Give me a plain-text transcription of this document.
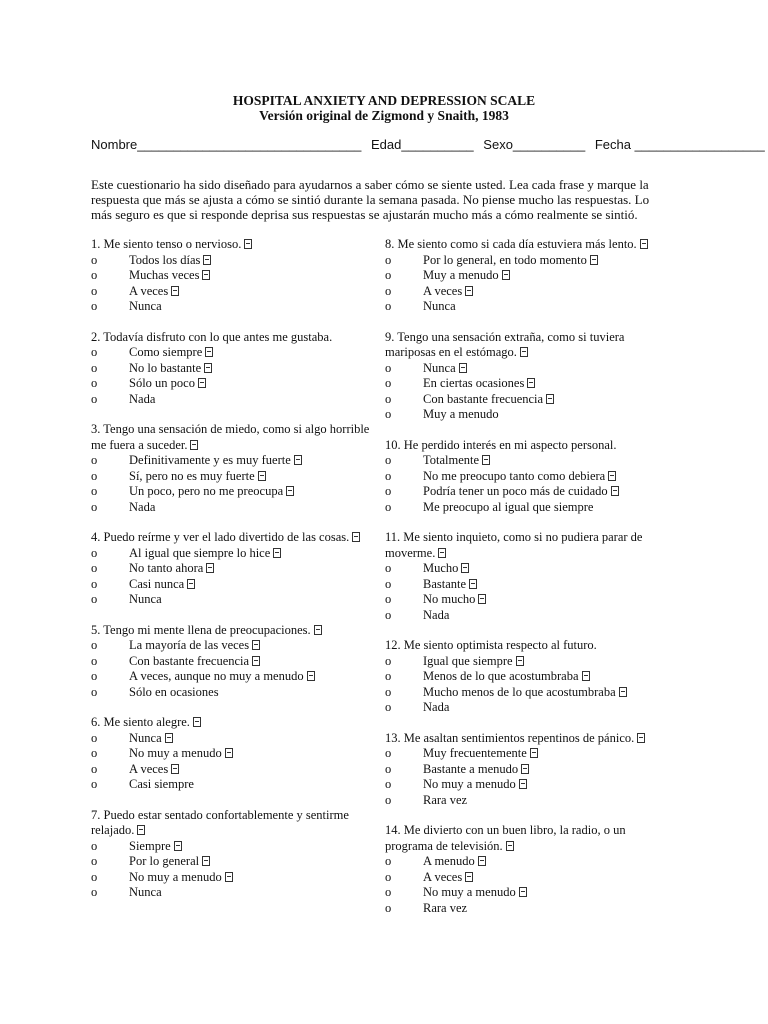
HOSPITAL ANXIETY AND DEPRESSION SCALE
Versión original de Zigmond y Snaith, 1983
Nombre_______________________________ Edad__________ Sexo__________ Fecha __________________
Este cuestionario ha sido diseñado para ayudarnos a saber cómo se siente usted. Lea cada frase y marque la respuesta que más se ajusta a cómo se sintió durante la semana pasada. No piense mucho las respuestas. Lo más seguro es que si responde deprisa sus respuestas se ajustarán mucho más a cómo realmente se sintió.
1. Me siento tenso o nervioso.
o	Todos los días
o	Muchas veces
o	A veces
o	Nunca
2. Todavía disfruto con lo que antes me gustaba.
o	Como siempre
o	No lo bastante
o	Sólo un poco
o	Nada
3. Tengo una sensación de miedo, como si algo horrible me fuera a suceder.
o	Definitivamente y es muy fuerte
o	Sí, pero no es muy fuerte
o	Un poco, pero no me preocupa
o	Nada
4. Puedo reírme y ver el lado divertido de las cosas.
o	Al igual que siempre lo hice
o	No tanto ahora
o	Casi nunca
o	Nunca
5. Tengo mi mente llena de preocupaciones.
o	La mayoría de las veces
o	Con bastante frecuencia
o	A veces, aunque no muy a menudo
o	Sólo en ocasiones
6. Me siento alegre.
o	Nunca
o	No muy a menudo
o	A veces
o	Casi siempre
7. Puedo estar sentado confortablemente y sentirme relajado.
o	Siempre
o	Por lo general
o	No muy a menudo
o	Nunca
8. Me siento como si cada día estuviera más lento.
o	Por lo general, en todo momento
o	Muy a menudo
o	A veces
o	Nunca
9. Tengo una sensación extraña, como si tuviera mariposas en el estómago.
o	Nunca
o	En ciertas ocasiones
o	Con bastante frecuencia
o	Muy a menudo
10. He perdido interés en mi aspecto personal.
o	Totalmente
o	No me preocupo tanto como debiera
o	Podría tener un poco más de cuidado
o	Me preocupo al igual que siempre
11. Me siento inquieto, como si no pudiera parar de moverme.
o	Mucho
o	Bastante
o	No mucho
o	Nada
12. Me siento optimista respecto al futuro.
o	Igual que siempre
o	Menos de lo que acostumbraba
o	Mucho menos de lo que acostumbraba
o	Nada
13. Me asaltan sentimientos repentinos de pánico.
o	Muy frecuentemente
o	Bastante a menudo
o	No muy a menudo
o	Rara vez
14. Me divierto con un buen libro, la radio, o un programa de televisión.
o	A menudo
o	A veces
o	No muy a menudo
o	Rara vez
